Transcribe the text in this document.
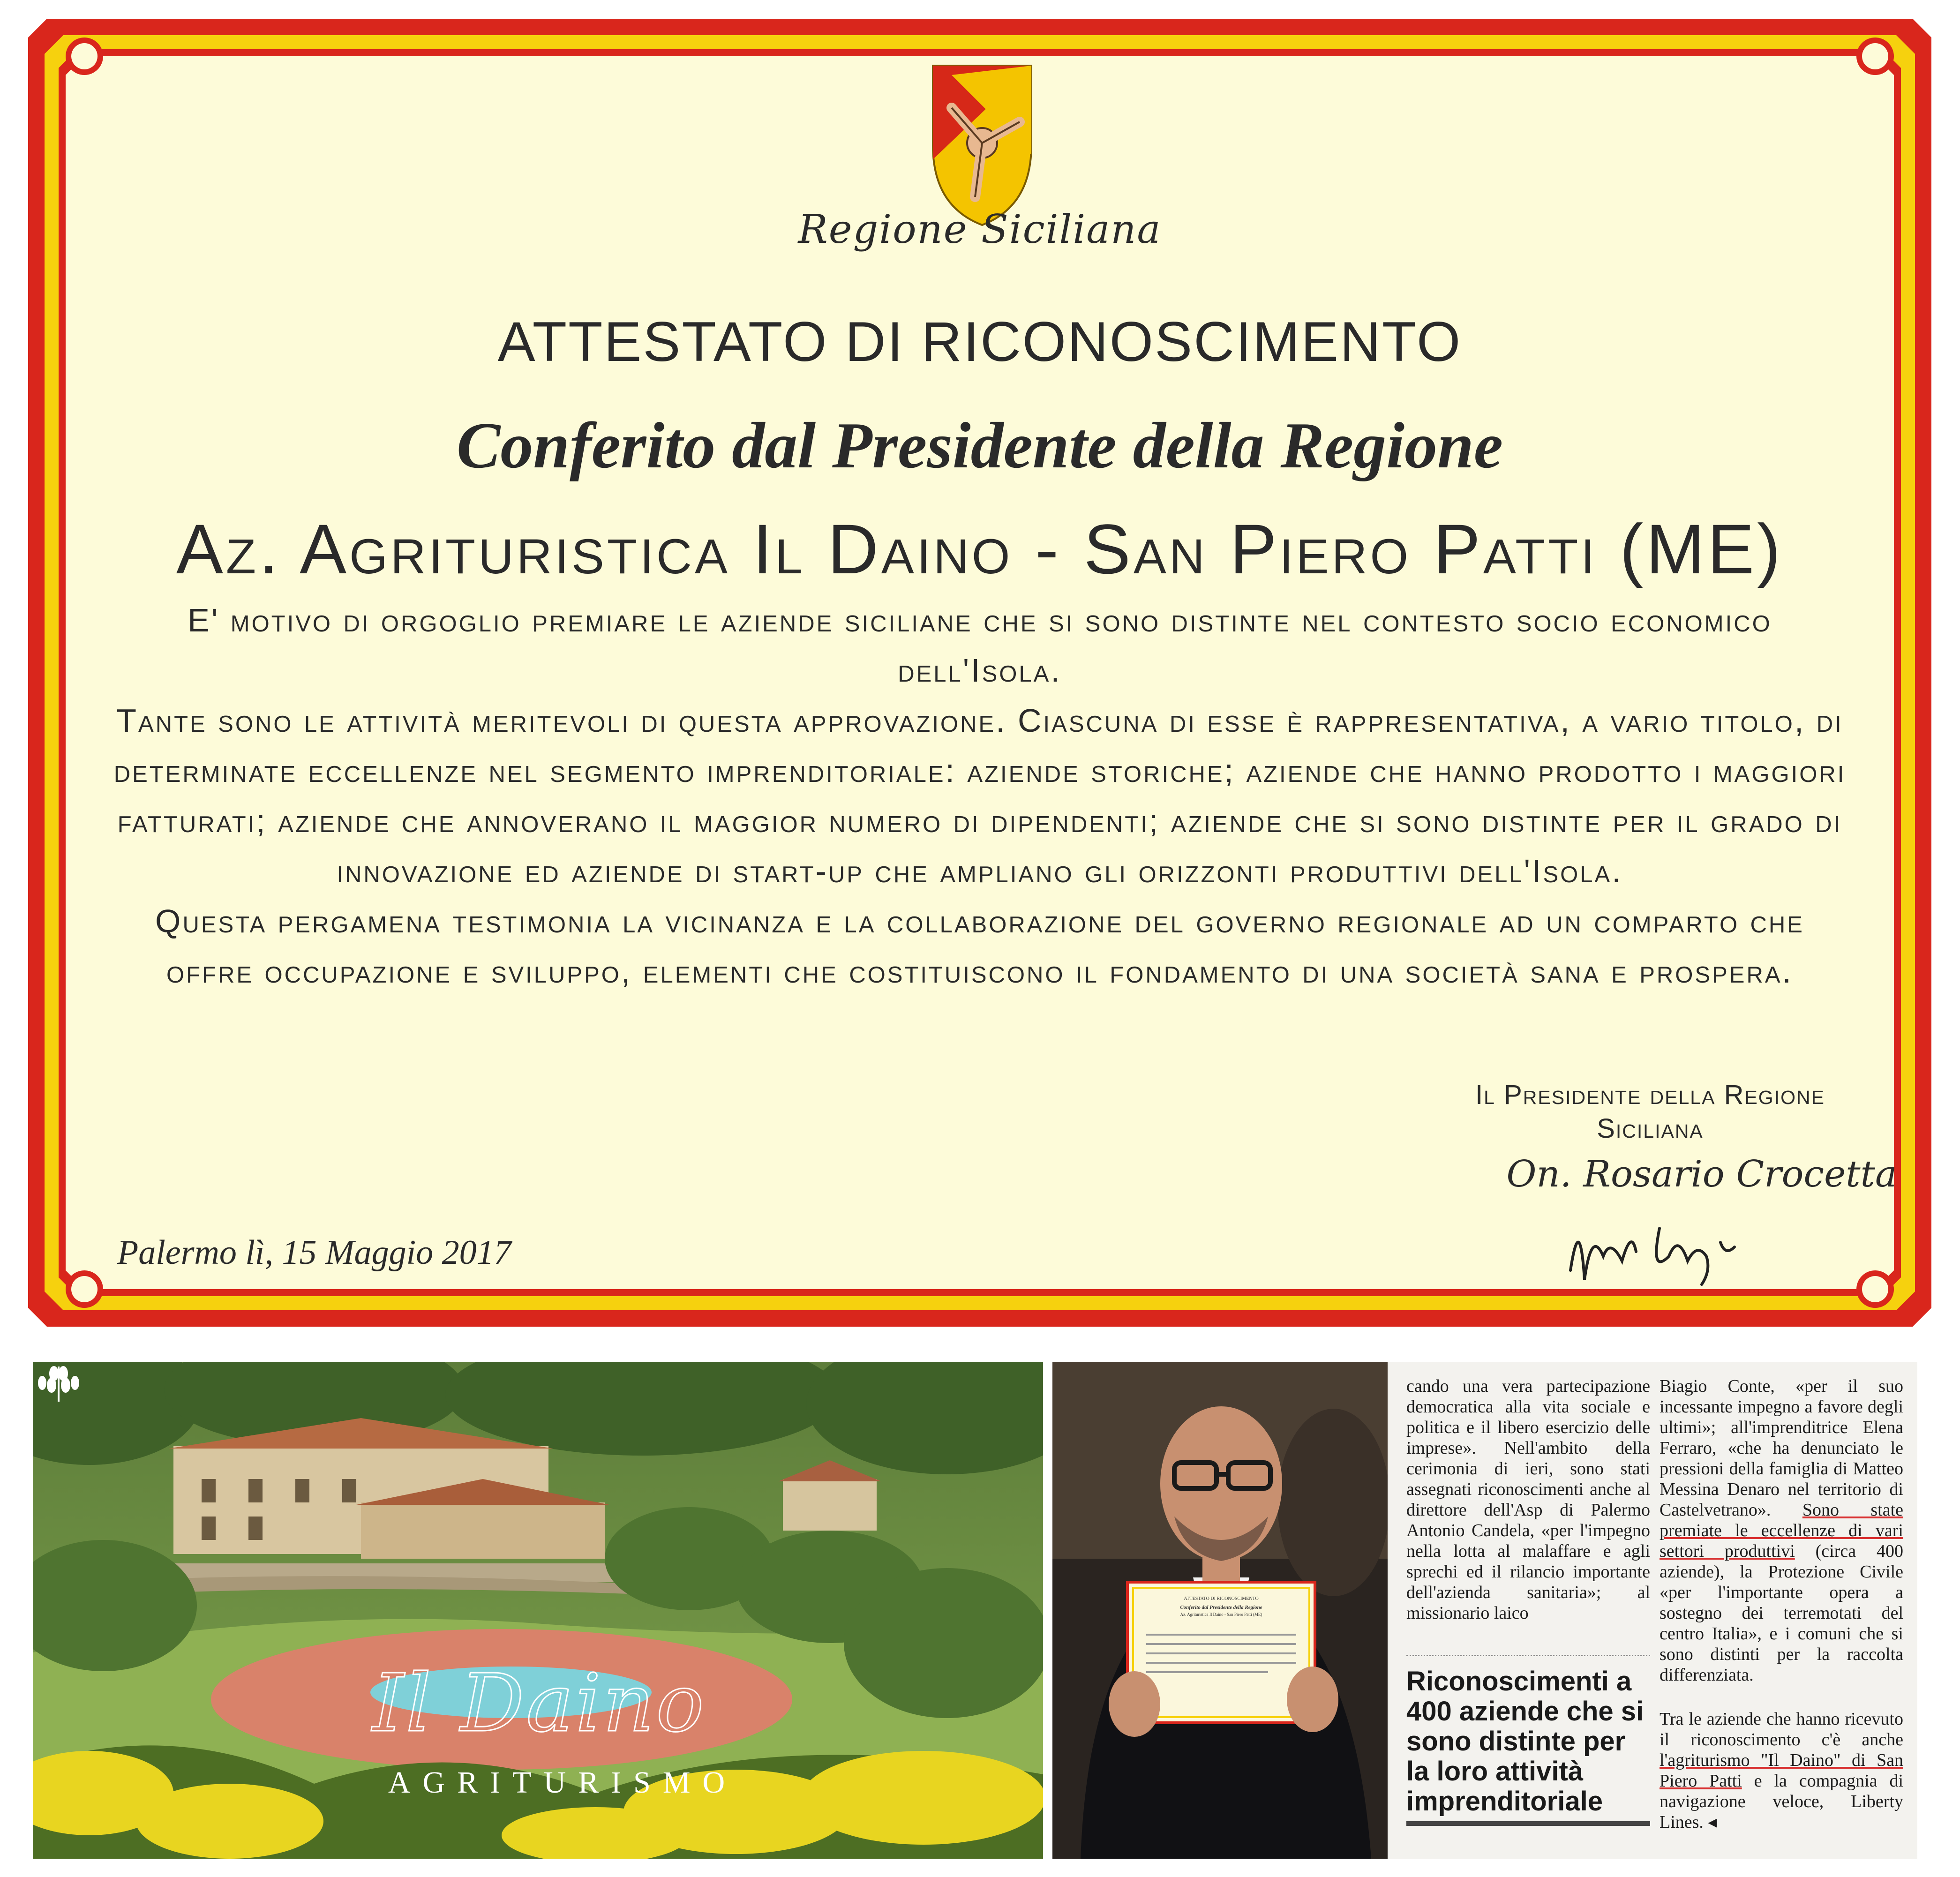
Regione Siciliana
ATTESTATO DI RICONOSCIMENTO
Conferito dal Presidente della Regione
Az. Agrituristica Il Daino - San Piero Patti (ME)

E' motivo di orgoglio premiare le aziende siciliane che si sono distinte nel contesto socio economico dell'Isola.

Tante sono le attività meritevoli di questa approvazione. Ciascuna di esse è rappresentativa, a vario titolo, di determinate eccellenze nel segmento imprenditoriale: aziende storiche; aziende che hanno prodotto i maggiori fatturati; aziende che annoverano il maggior numero di dipendenti; aziende che si sono distinte per il grado di innovazione ed aziende di start-up che ampliano gli orizzonti produttivi dell'Isola.

Questa pergamena testimonia la vicinanza e la collaborazione del governo regionale ad un comparto che offre occupazione e sviluppo, elementi che costituiscono il fondamento di una società sana e prospera.

Il Presidente della Regione
Siciliana
On. Rosario Crocetta
Palermo lì, 15 Maggio 2017
Il Daino
AGRITURISMO
ATTESTATO DI RICONOSCIMENTO
Conferito dal Presidente della Regione
Az. Agrituristica Il Daino - San Piero Patti (ME)
cando una vera partecipazione democratica alla vita sociale e politica e il libero esercizio delle imprese». Nell'ambito della cerimonia di ieri, sono stati assegnati riconoscimenti anche al direttore dell'Asp di Palermo Antonio Candela, «per l'impegno nella lotta al malaffare e agli sprechi ed il rilancio importante dell'azienda sanitaria»; al missionario laico
Riconoscimenti a 400 aziende che si sono distinte per la loro attività imprenditoriale
Biagio Conte, «per il suo incessante impegno a favore degli ultimi»; all'imprenditrice Elena Ferraro, «che ha denunciato le pressioni della famiglia di Matteo Messina Denaro nel territorio di Castelvetrano». Sono state premiate le eccellenze di vari settori produttivi (circa 400 aziende), la Protezione Civile «per l'importante opera a sostegno dei terremotati del centro Italia», e i comuni che si sono distinti per la raccolta differenziata.
Tra le aziende che hanno ricevuto il riconoscimento c'è anche l'agriturismo "Il Daino" di San Piero Patti e la compagnia di navigazione veloce, Liberty Lines. ◂
